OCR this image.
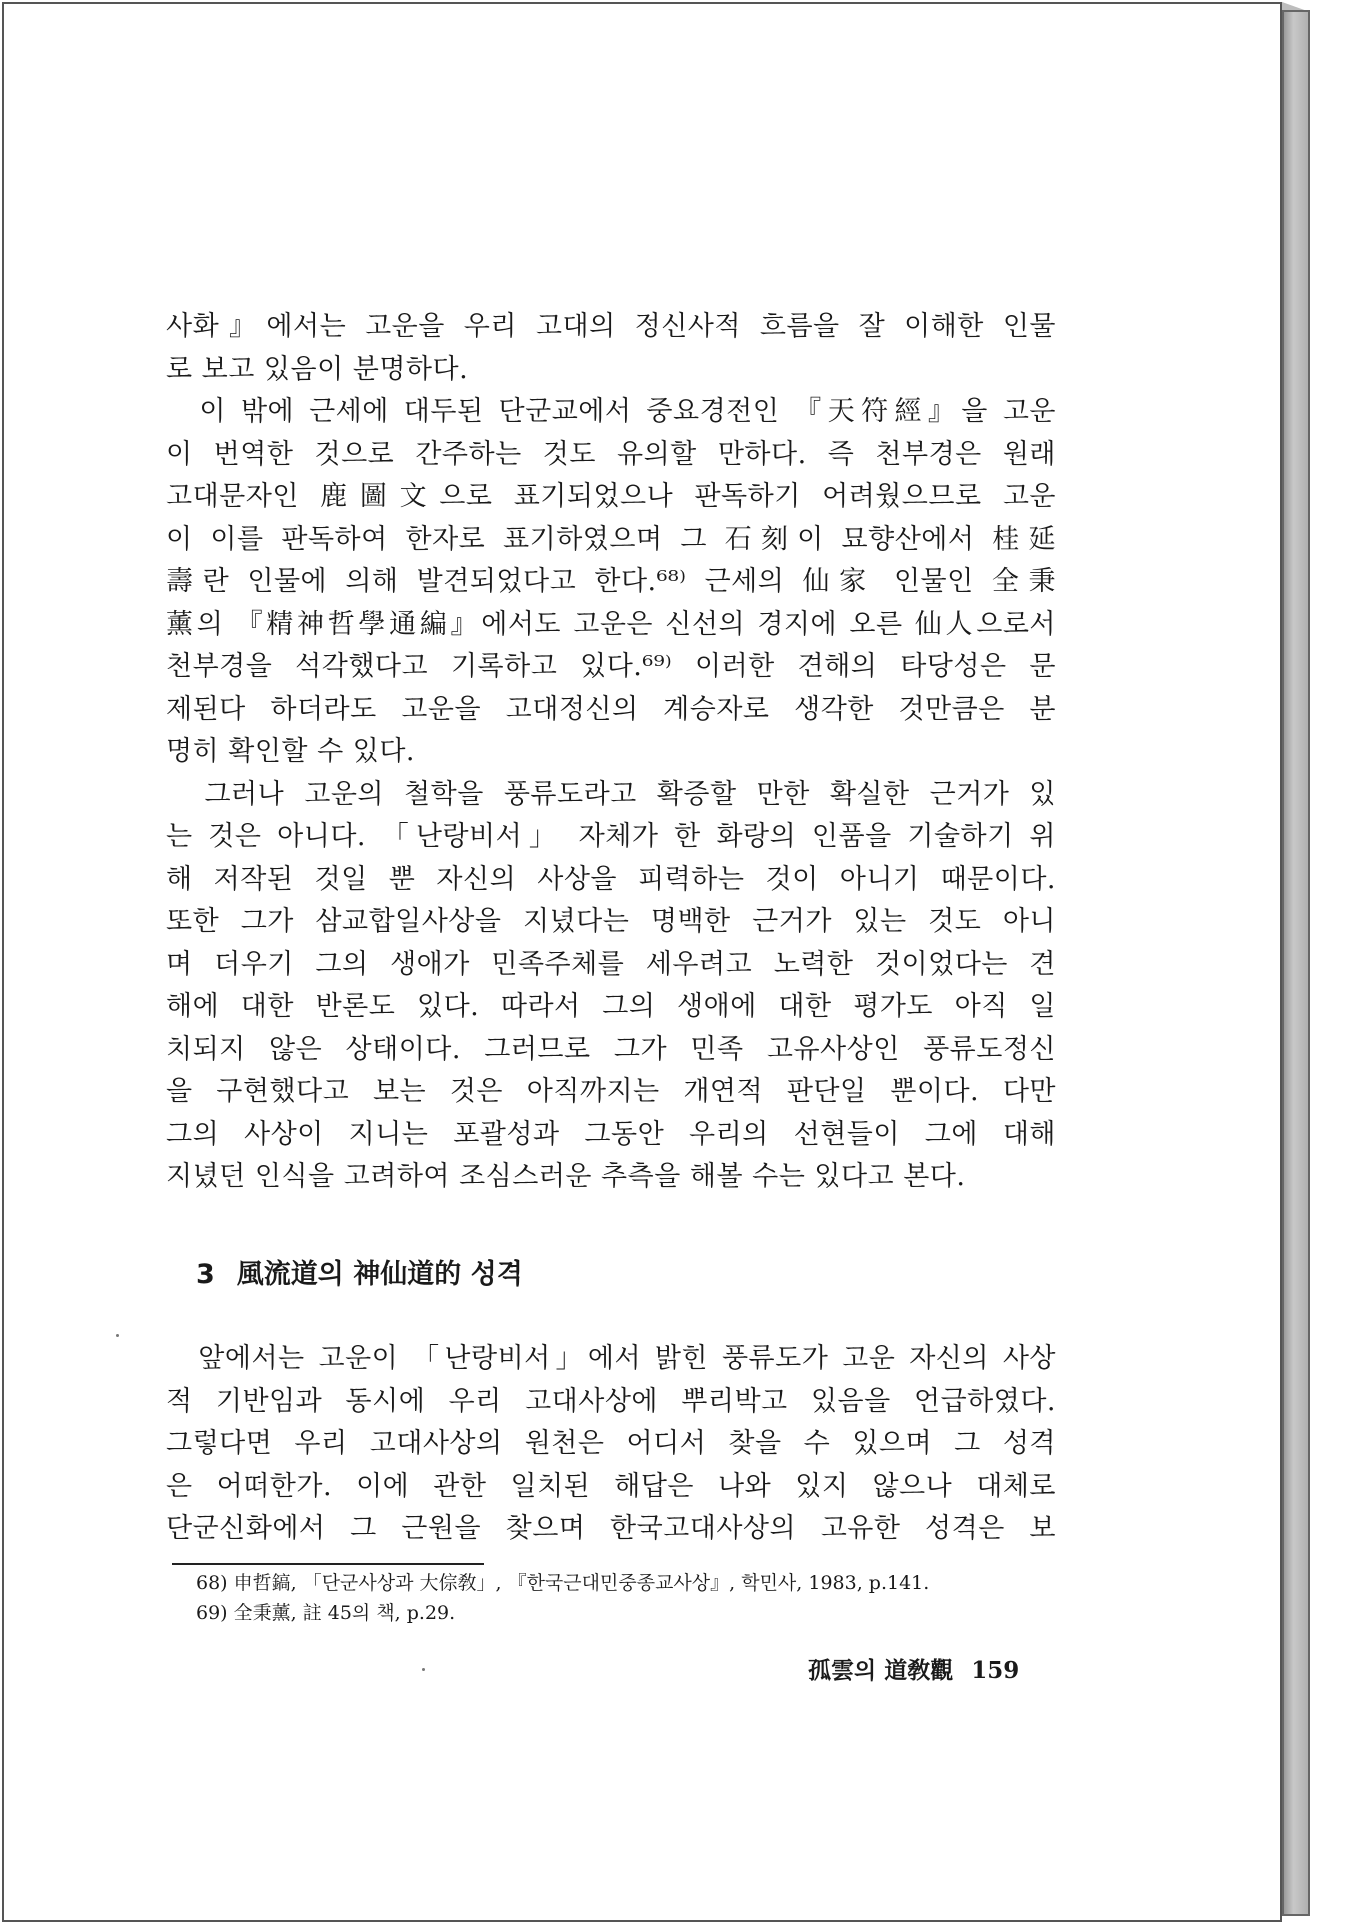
사화』에서는 고운을 우리 고대의 정신사적 흐름을 잘 이해한 인물
로 보고 있음이 분명하다.

　이 밖에 근세에 대두된 단군교에서 중요경전인 『天符經』을 고운
이 번역한 것으로 간주하는 것도 유의할 만하다. 즉 천부경은 원래
고대문자인 鹿圖文으로 표기되었으나 판독하기 어려웠으므로 고운
이 이를 판독하여 한자로 표기하였으며 그 石刻이 묘향산에서 桂延
壽란 인물에 의해 발견되었다고 한다.⁶⁸⁾ 근세의 仙家 인물인 全秉
薰의 『精神哲學通編』에서도 고운은 신선의 경지에 오른 仙人으로서
천부경을 석각했다고 기록하고 있다.⁶⁹⁾ 이러한 견해의 타당성은 문
제된다 하더라도 고운을 고대정신의 계승자로 생각한 것만큼은 분
명히 확인할 수 있다.

　그러나 고운의 철학을 풍류도라고 확증할 만한 확실한 근거가 있
는 것은 아니다. 「난랑비서」 자체가 한 화랑의 인품을 기술하기 위
해 저작된 것일 뿐 자신의 사상을 피력하는 것이 아니기 때문이다.
또한 그가 삼교합일사상을 지녔다는 명백한 근거가 있는 것도 아니
며 더우기 그의 생애가 민족주체를 세우려고 노력한 것이었다는 견
해에 대한 반론도 있다. 따라서 그의 생애에 대한 평가도 아직 일
치되지 않은 상태이다. 그러므로 그가 민족 고유사상인 풍류도정신
을 구현했다고 보는 것은 아직까지는 개연적 판단일 뿐이다. 다만
그의 사상이 지니는 포괄성과 그동안 우리의 선현들이 그에 대해
지녔던 인식을 고려하여 조심스러운 추측을 해볼 수는 있다고 본다.

3 風流道의 神仙道的 성격

　앞에서는 고운이 「난랑비서」에서 밝힌 풍류도가 고운 자신의 사상
적 기반임과 동시에 우리 고대사상에 뿌리박고 있음을 언급하였다.
그렇다면 우리 고대사상의 원천은 어디서 찾을 수 있으며 그 성격
은 어떠한가. 이에 관한 일치된 해답은 나와 있지 않으나 대체로
단군신화에서 그 근원을 찾으며 한국고대사상의 고유한 성격은 보

68) 申哲鎬, 「단군사상과 大倧敎」, 『한국근대민중종교사상』, 학민사, 1983, p.141.
69) 全秉薰, 註 45의 책, p.29.
孤雲의 道敎觀 159
